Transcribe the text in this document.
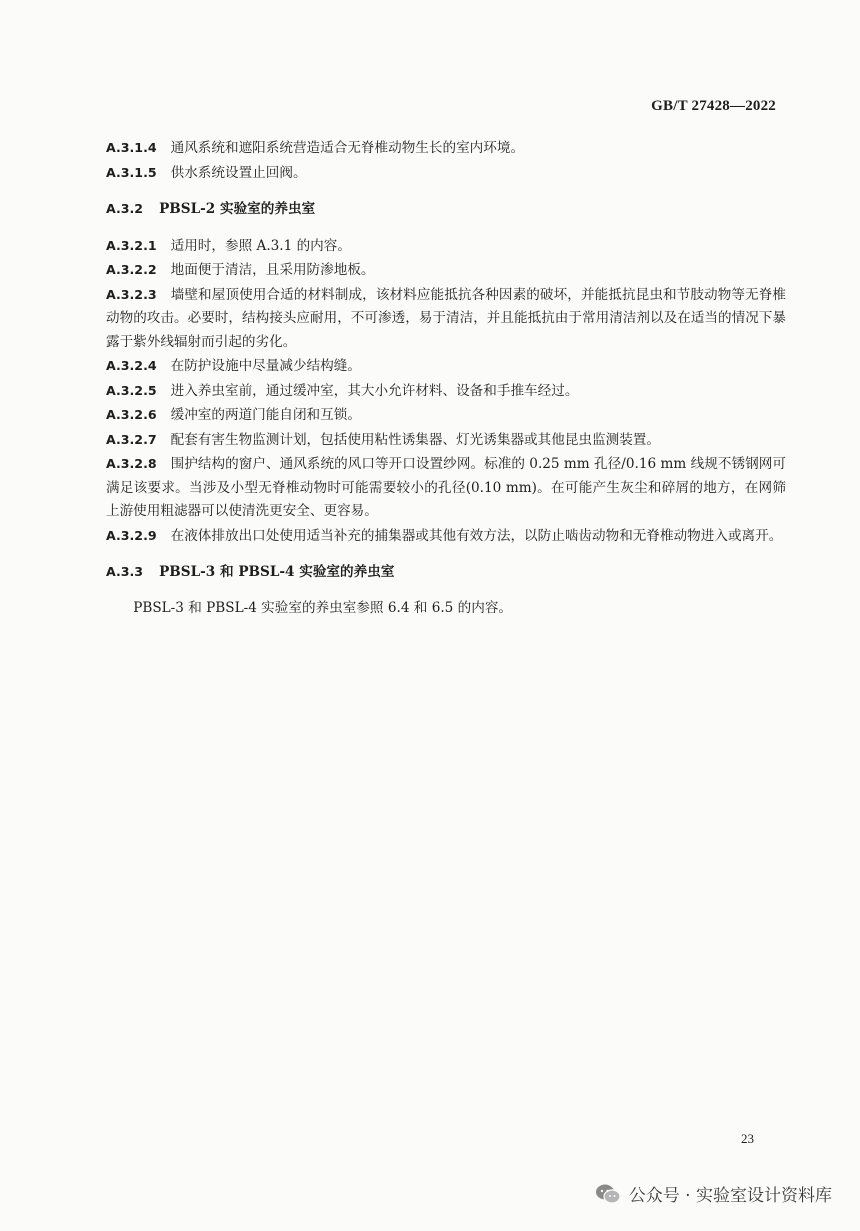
GB/T 27428—2022

A.3.1.4 通风系统和遮阳系统营造适合无脊椎动物生长的室内环境。

A.3.1.5 供水系统设置止回阀。

A.3.2 PBSL-2 实验室的养虫室

A.3.2.1 适用时，参照 A.3.1 的内容。

A.3.2.2 地面便于清洁，且采用防渗地板。

A.3.2.3 墙壁和屋顶使用合适的材料制成，该材料应能抵抗各种因素的破坏，并能抵抗昆虫和节肢动物等无脊椎动物的攻击。必要时，结构接头应耐用，不可渗透，易于清洁，并且能抵抗由于常用清洁剂以及在适当的情况下暴露于紫外线辐射而引起的劣化。

A.3.2.4 在防护设施中尽量减少结构缝。

A.3.2.5 进入养虫室前，通过缓冲室，其大小允许材料、设备和手推车经过。

A.3.2.6 缓冲室的两道门能自闭和互锁。

A.3.2.7 配套有害生物监测计划，包括使用粘性诱集器、灯光诱集器或其他昆虫监测装置。

A.3.2.8 围护结构的窗户、通风系统的风口等开口设置纱网。标准的 0.25 mm 孔径/0.16 mm 线规不锈钢网可满足该要求。当涉及小型无脊椎动物时可能需要较小的孔径(0.10 mm)。在可能产生灰尘和碎屑的地方，在网筛上游使用粗滤器可以使清洗更安全、更容易。

A.3.2.9 在液体排放出口处使用适当补充的捕集器或其他有效方法，以防止啮齿动物和无脊椎动物进入或离开。

A.3.3 PBSL-3 和 PBSL-4 实验室的养虫室

PBSL-3 和 PBSL-4 实验室的养虫室参照 6.4 和 6.5 的内容。

23
公众号 · 实验室设计资料库
